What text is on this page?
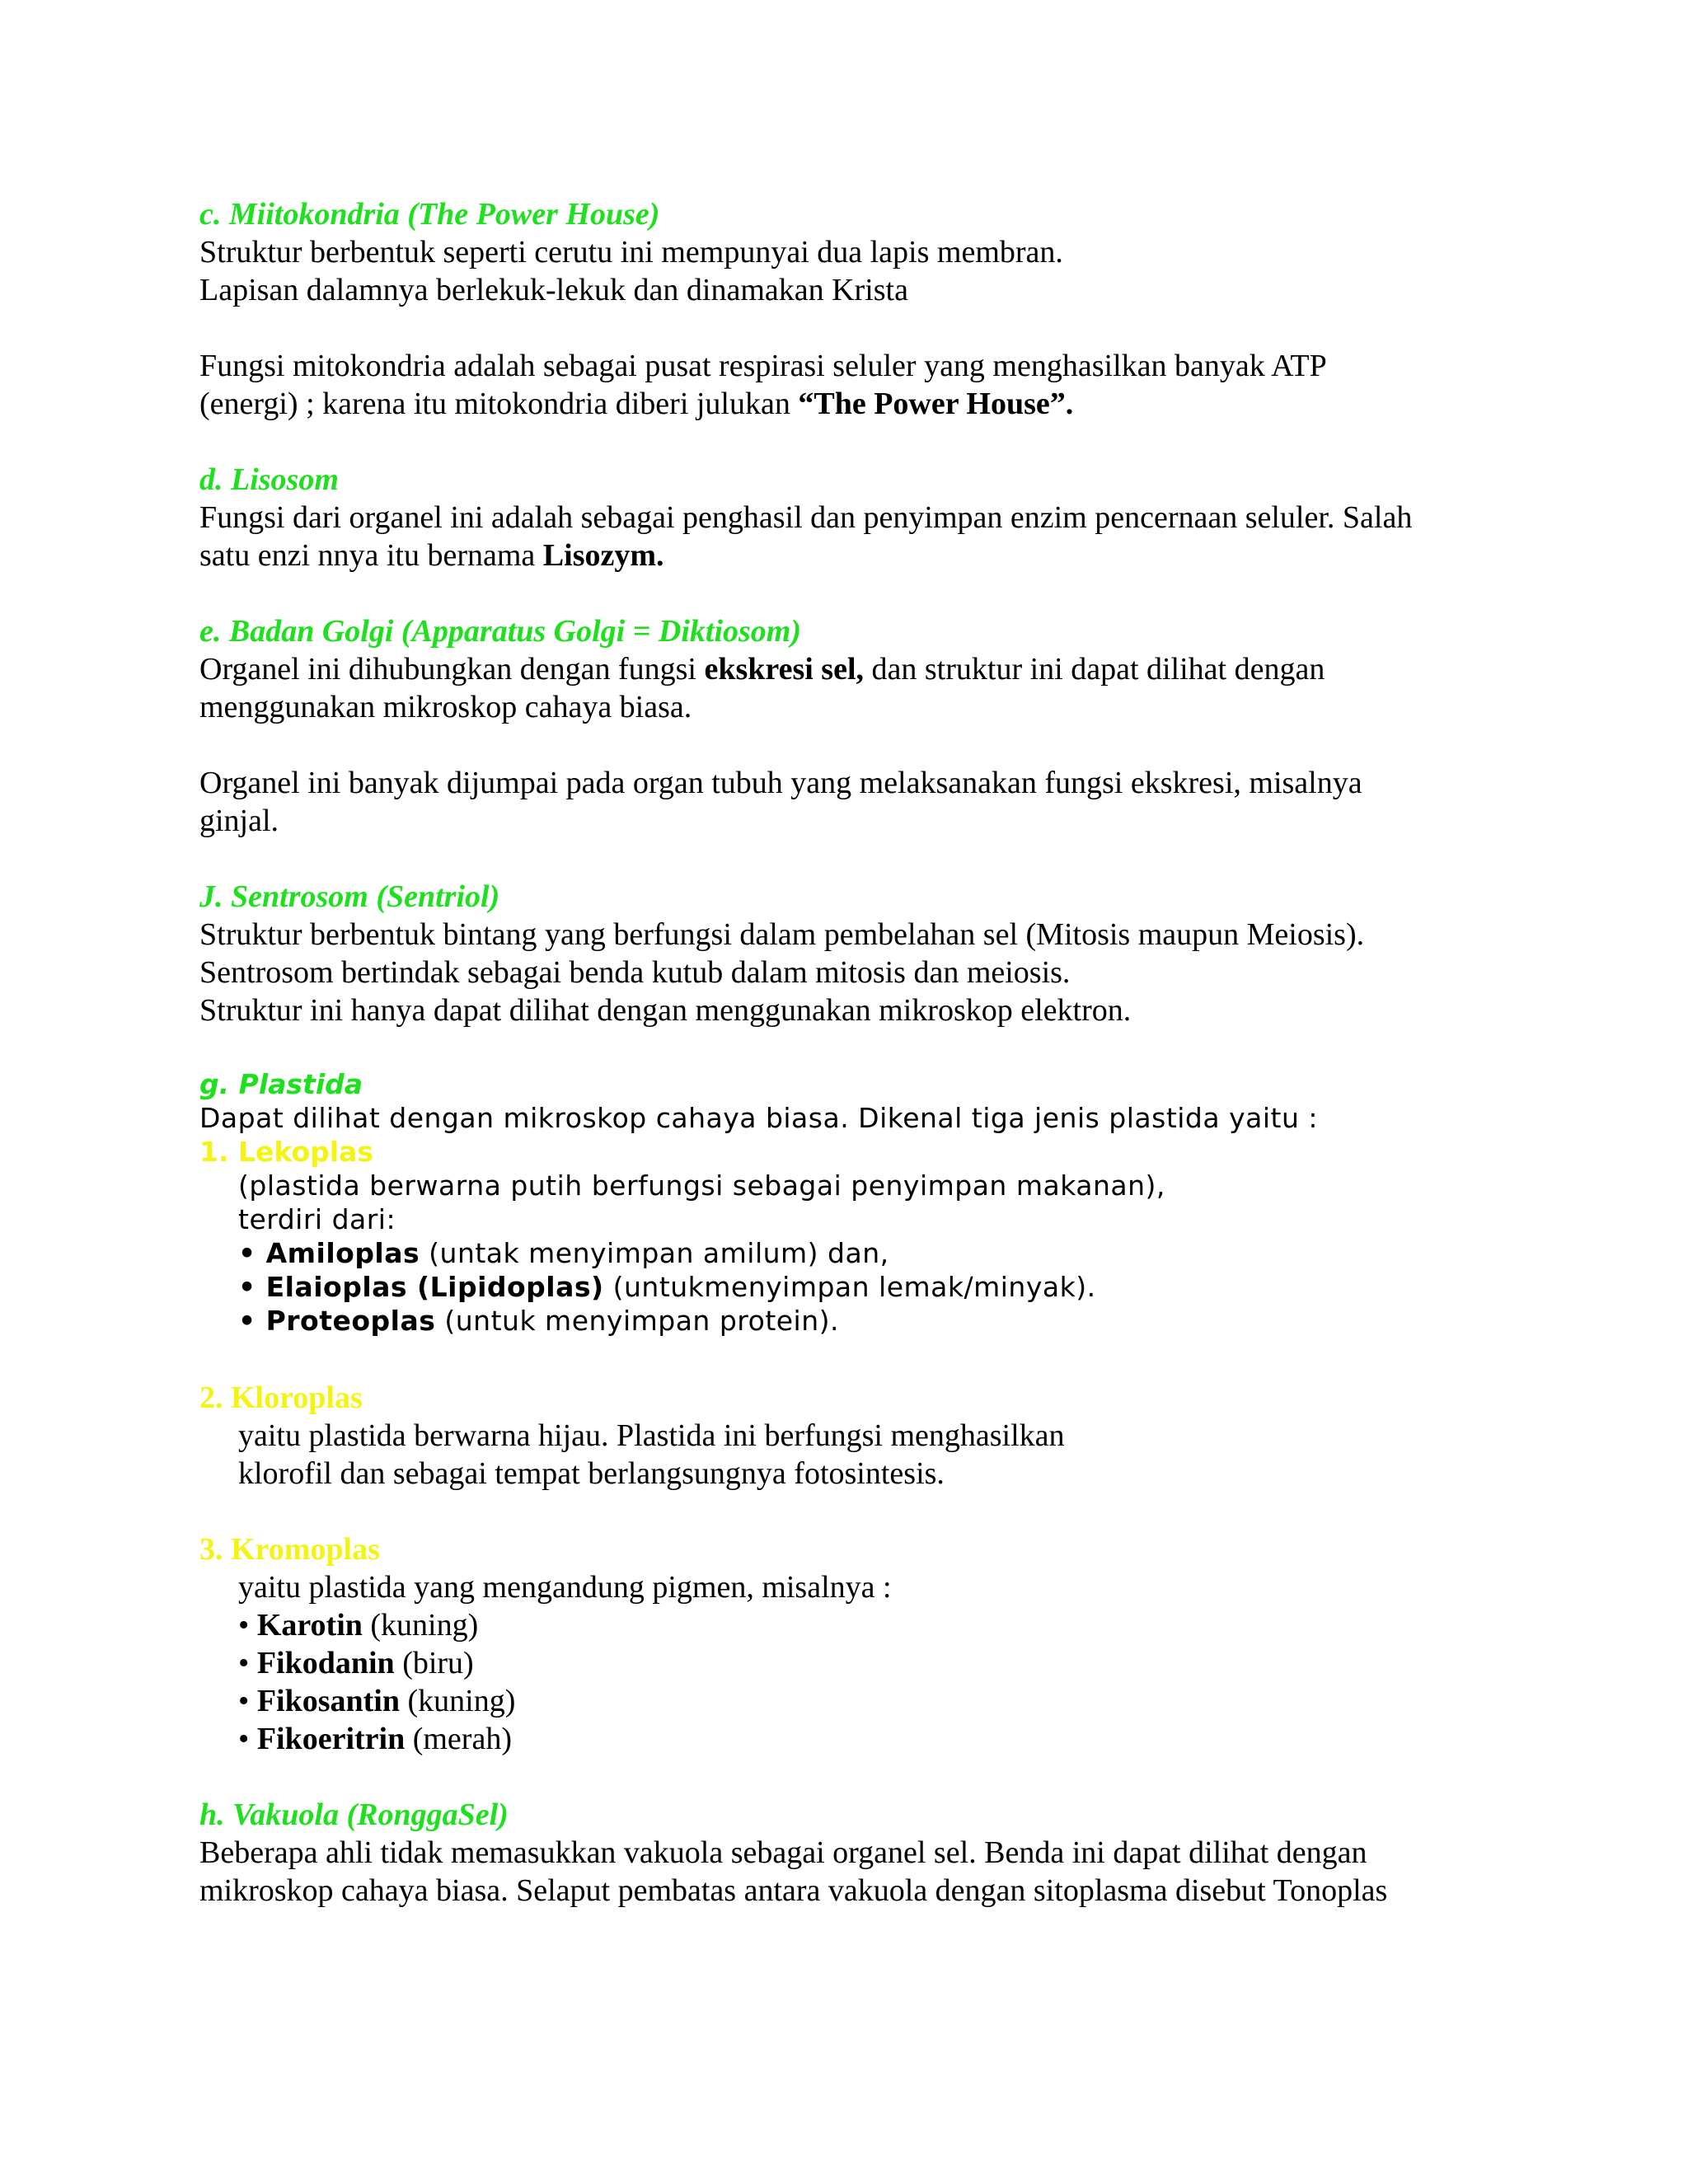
c. Miitokondria (The Power House)

Struktur berbentuk seperti cerutu ini mempunyai dua lapis membran.

Lapisan dalamnya berlekuk-lekuk dan dinamakan Krista

Fungsi mitokondria adalah sebagai pusat respirasi seluler yang menghasilkan banyak ATP

(energi) ; karena itu mitokondria diberi julukan “The Power House”.

d. Lisosom

Fungsi dari organel ini adalah sebagai penghasil dan penyimpan enzim pencernaan seluler. Salah

satu enzi nnya itu bernama Lisozym.

e. Badan Golgi (Apparatus Golgi = Diktiosom)

Organel ini dihubungkan dengan fungsi ekskresi sel, dan struktur ini dapat dilihat dengan

menggunakan mikroskop cahaya biasa.

Organel ini banyak dijumpai pada organ tubuh yang melaksanakan fungsi ekskresi, misalnya

ginjal.

J. Sentrosom (Sentriol)

Struktur berbentuk bintang yang berfungsi dalam pembelahan sel (Mitosis maupun Meiosis).

Sentrosom bertindak sebagai benda kutub dalam mitosis dan meiosis.

Struktur ini hanya dapat dilihat dengan menggunakan mikroskop elektron.

g. Plastida

Dapat dilihat dengan mikroskop cahaya biasa. Dikenal tiga jenis plastida yaitu :

1. Lekoplas

(plastida berwarna putih berfungsi sebagai penyimpan makanan),

terdiri dari:

• Amiloplas (untak menyimpan amilum) dan,

• Elaioplas (Lipidoplas) (untukmenyimpan lemak/minyak).

• Proteoplas (untuk menyimpan protein).

2. Kloroplas

yaitu plastida berwarna hijau. Plastida ini berfungsi menghasilkan

klorofil dan sebagai tempat berlangsungnya fotosintesis.

3. Kromoplas

yaitu plastida yang mengandung pigmen, misalnya :

• Karotin (kuning)

• Fikodanin (biru)

• Fikosantin (kuning)

• Fikoeritrin (merah)

h. Vakuola (RonggaSel)

Beberapa ahli tidak memasukkan vakuola sebagai organel sel. Benda ini dapat dilihat dengan

mikroskop cahaya biasa. Selaput pembatas antara vakuola dengan sitoplasma disebut Tonoplas
